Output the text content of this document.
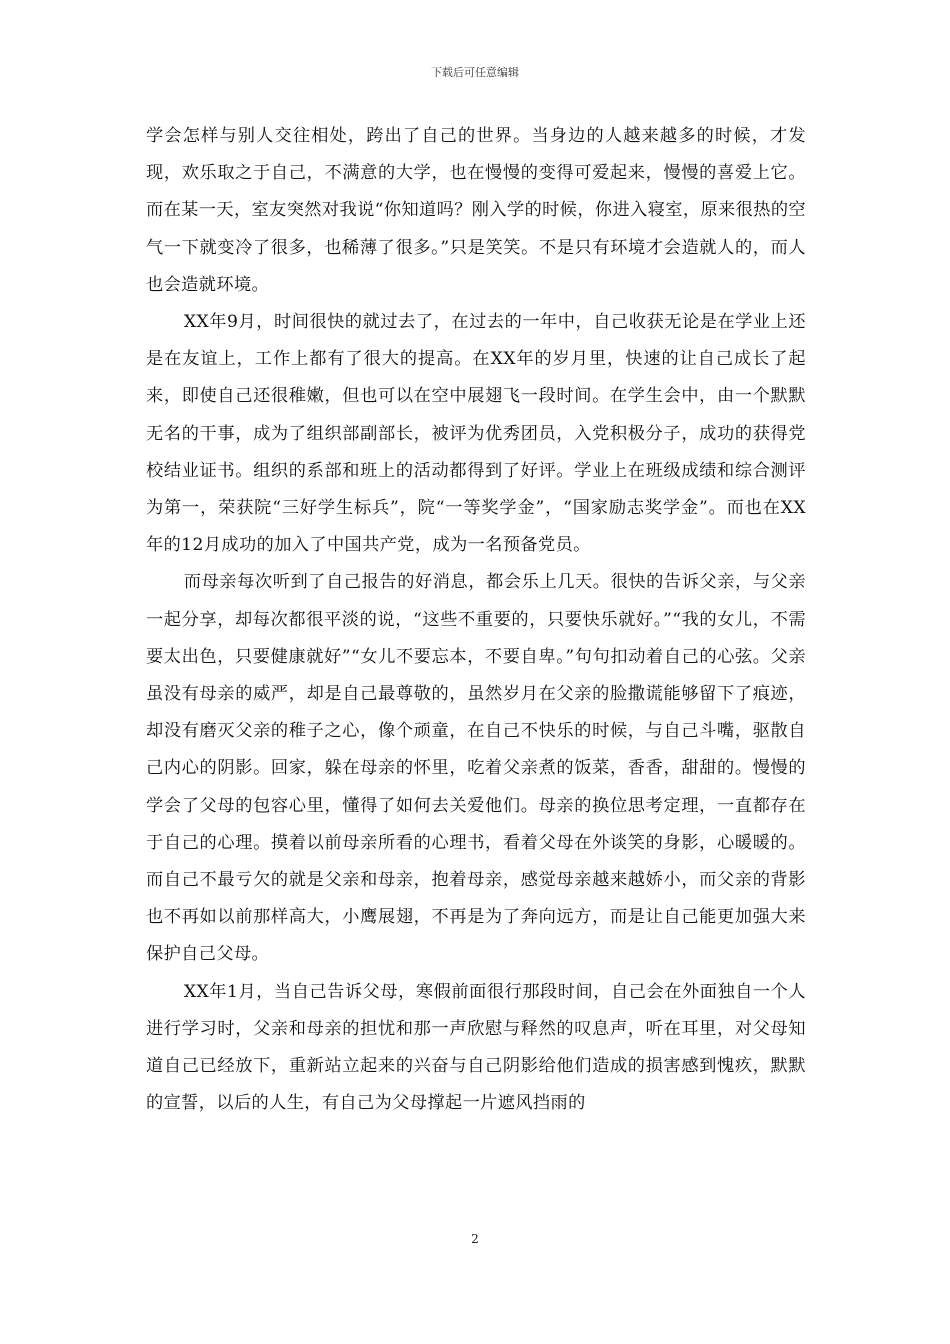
下载后可任意编辑

学会怎样与别人交往相处，跨出了自己的世界。当身边的人越来越多的时候，才发现，欢乐取之于自己，不满意的大学，也在慢慢的变得可爱起来，慢慢的喜爱上它。而在某一天，室友突然对我说“你知道吗？刚入学的时候，你进入寝室，原来很热的空气一下就变冷了很多，也稀薄了很多。”只是笑笑。不是只有环境才会造就人的，而人也会造就环境。

XX年9月，时间很快的就过去了，在过去的一年中，自己收获无论是在学业上还是在友谊上，工作上都有了很大的提高。在XX年的岁月里，快速的让自己成长了起来，即使自己还很稚嫩，但也可以在空中展翅飞一段时间。在学生会中，由一个默默无名的干事，成为了组织部副部长，被评为优秀团员，入党积极分子，成功的获得党校结业证书。组织的系部和班上的活动都得到了好评。学业上在班级成绩和综合测评为第一，荣获院“三好学生标兵”，院“一等奖学金”，“国家励志奖学金”。而也在XX年的12月成功的加入了中国共产党，成为一名预备党员。

而母亲每次听到了自己报告的好消息，都会乐上几天。很快的告诉父亲，与父亲一起分享，却每次都很平淡的说，“这些不重要的，只要快乐就好。”“我的女儿，不需要太出色，只要健康就好”“女儿不要忘本，不要自卑。”句句扣动着自己的心弦。父亲虽没有母亲的威严，却是自己最尊敬的，虽然岁月在父亲的脸撒谎能够留下了痕迹，却没有磨灭父亲的稚子之心，像个顽童，在自己不快乐的时候，与自己斗嘴，驱散自己内心的阴影。回家，躲在母亲的怀里，吃着父亲煮的饭菜，香香，甜甜的。慢慢的学会了父母的包容心里，懂得了如何去关爱他们。母亲的换位思考定理，一直都存在于自己的心理。摸着以前母亲所看的心理书，看着父母在外谈笑的身影，心暖暖的。而自己不最亏欠的就是父亲和母亲，抱着母亲，感觉母亲越来越娇小，而父亲的背影也不再如以前那样高大，小鹰展翅，不再是为了奔向远方，而是让自己能更加强大来保护自己父母。

XX年1月，当自己告诉父母，寒假前面很行那段时间，自己会在外面独自一个人进行学习时，父亲和母亲的担忧和那一声欣慰与释然的叹息声，听在耳里，对父母知道自己已经放下，重新站立起来的兴奋与自己阴影给他们造成的损害感到愧疚，默默的宣誓，以后的人生，有自己为父母撑起一片遮风挡雨的

2
